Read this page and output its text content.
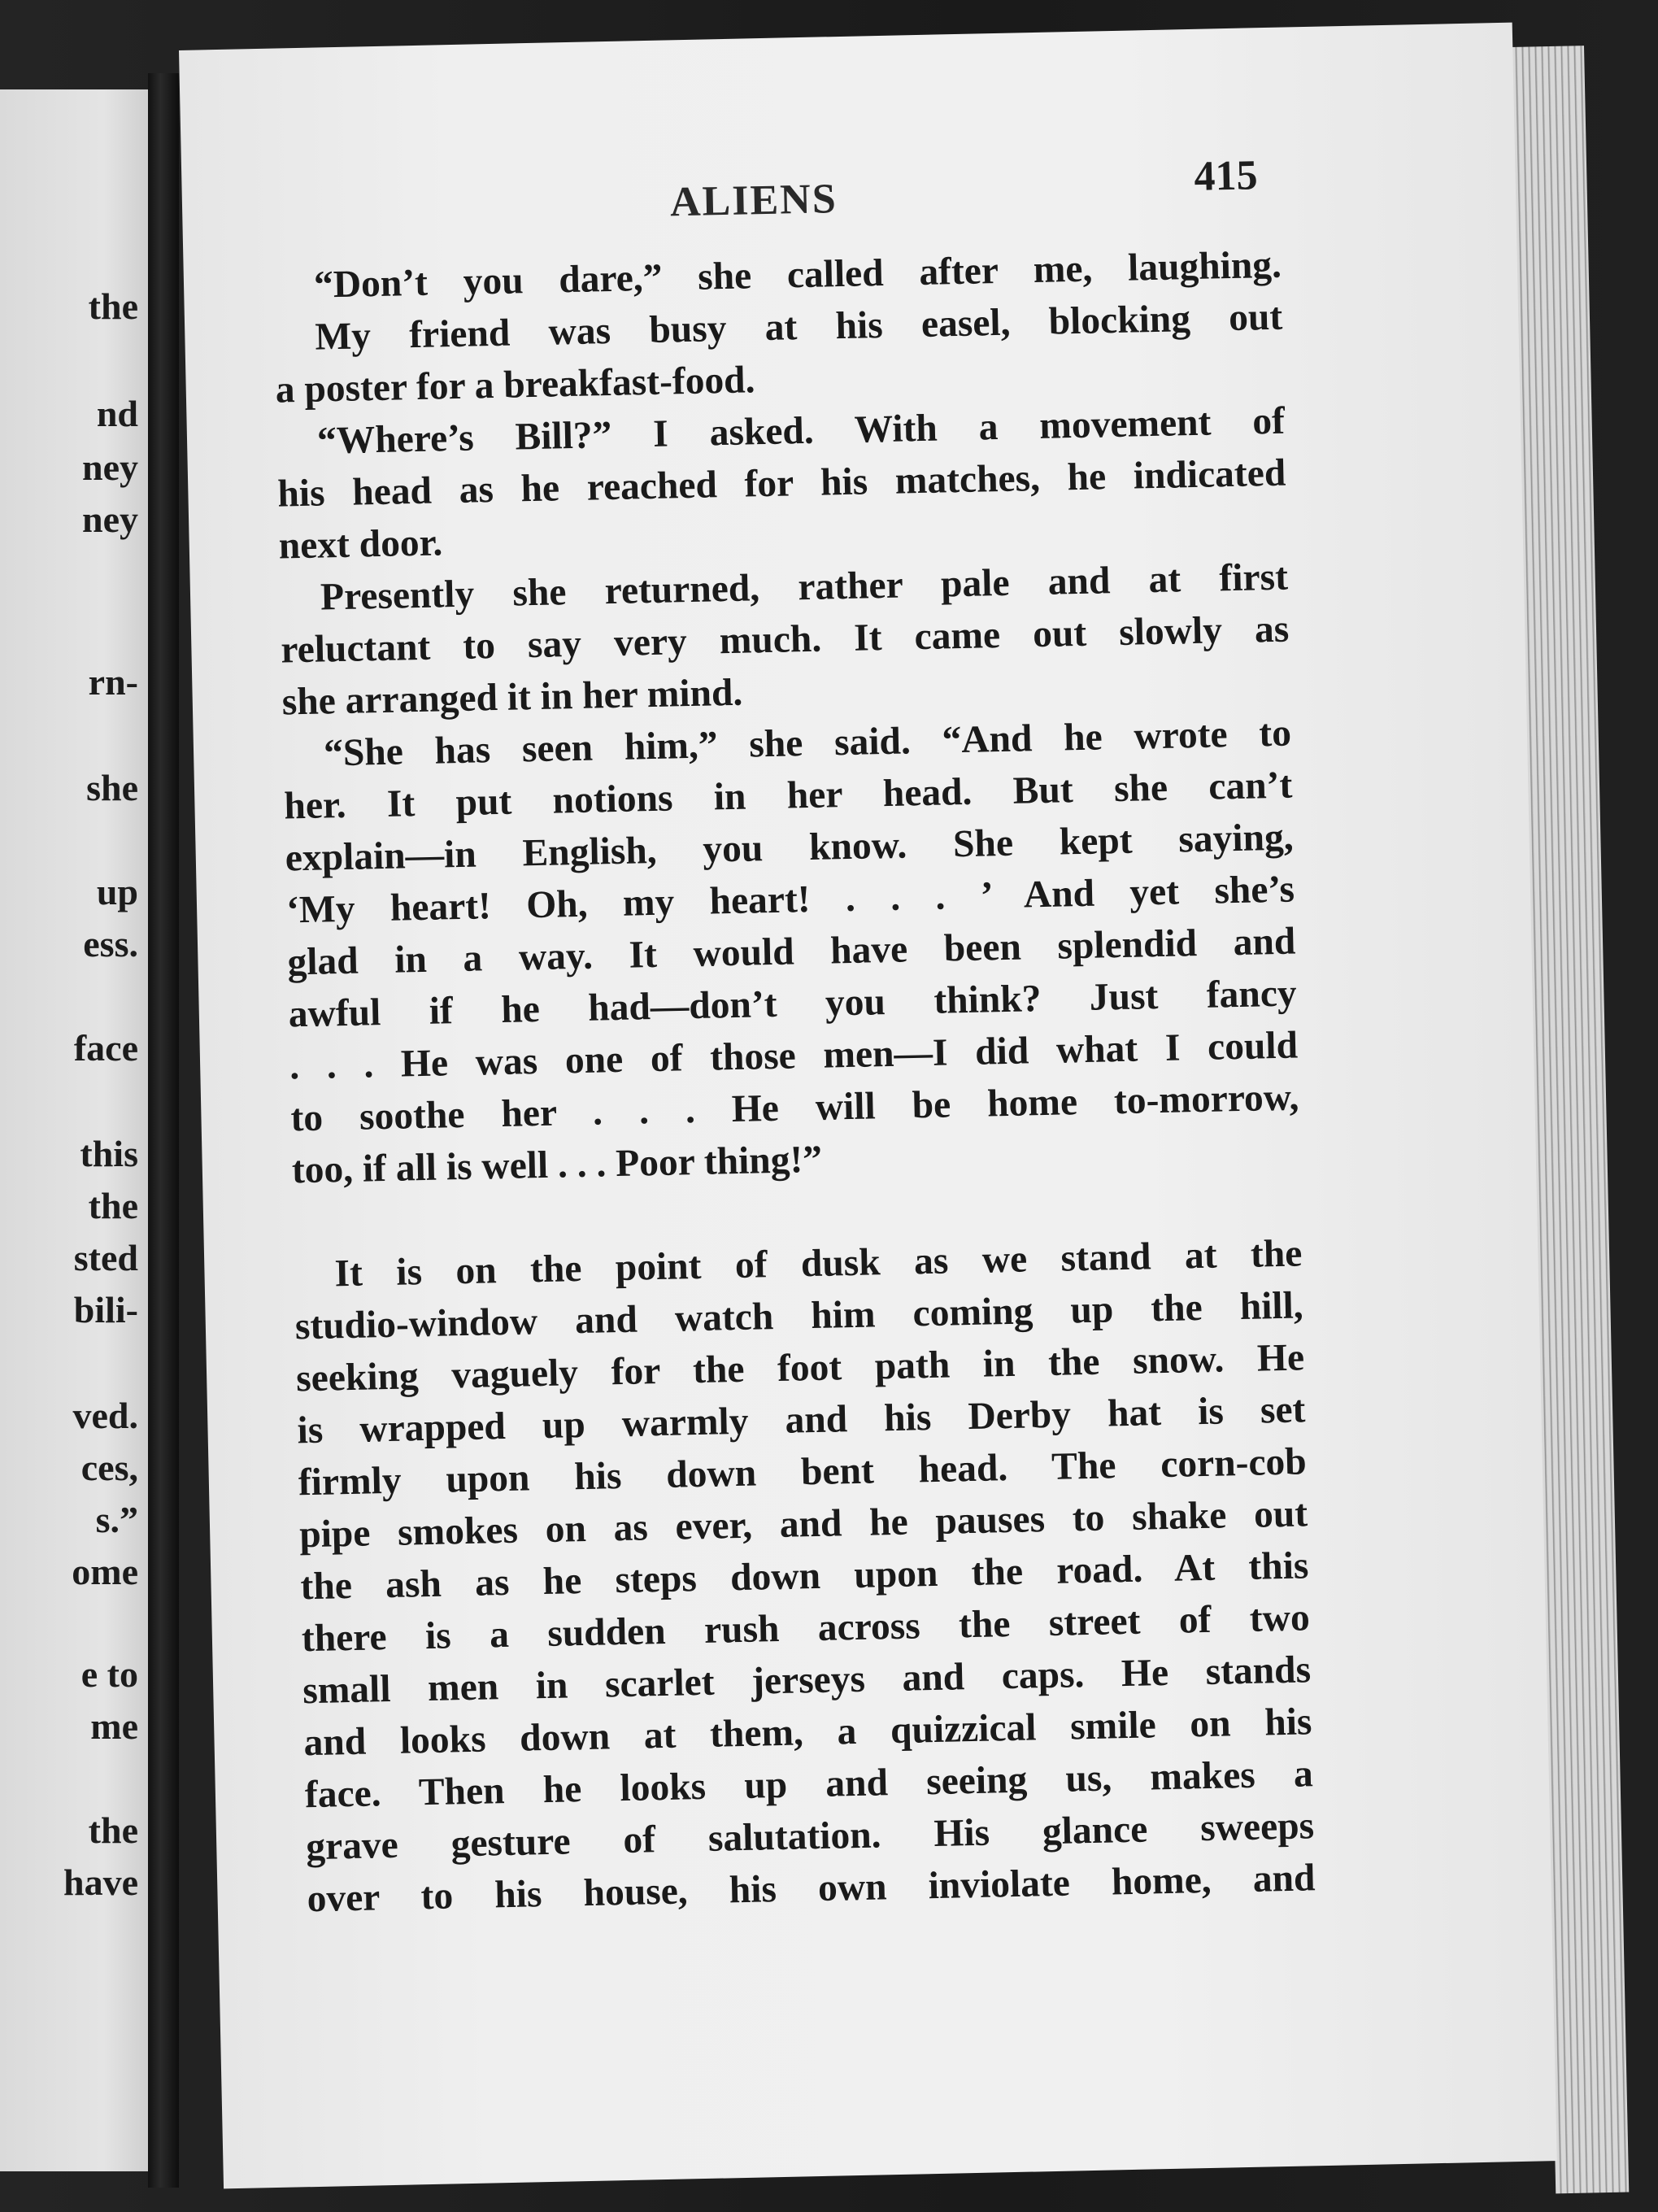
the
nd
ney
ney
rn-
she
up
ess.
face
this
the
sted
bili-
ved.
ces,
s.”
ome
e to
me
the
have
ALIENS	415
“Don’t you dare,” she called after me, laughing.
My friend was busy at his easel, blocking out
a poster for a breakfast-food.
“Where’s Bill?” I asked. With a movement of
his head as he reached for his matches, he indicated
next door.
Presently she returned, rather pale and at first
reluctant to say very much. It came out slowly as
she arranged it in her mind.
“She has seen him,” she said. “And he wrote to
her. It put notions in her head. But she can’t
explain—in English, you know. She kept saying,
‘My heart! Oh, my heart! . . . ’ And yet she’s
glad in a way. It would have been splendid and
awful if he had—don’t you think? Just fancy
. . . He was one of those men—I did what I could
to soothe her . . . He will be home to-morrow,
too, if all is well . . . Poor thing!”
It is on the point of dusk as we stand at the
studio-window and watch him coming up the hill,
seeking vaguely for the foot path in the snow. He
is wrapped up warmly and his Derby hat is set
firmly upon his down bent head. The corn-cob
pipe smokes on as ever, and he pauses to shake out
the ash as he steps down upon the road. At this
there is a sudden rush across the street of two
small men in scarlet jerseys and caps. He stands
and looks down at them, a quizzical smile on his
face. Then he looks up and seeing us, makes a
grave gesture of salutation. His glance sweeps
over to his house, his own inviolate home, and
